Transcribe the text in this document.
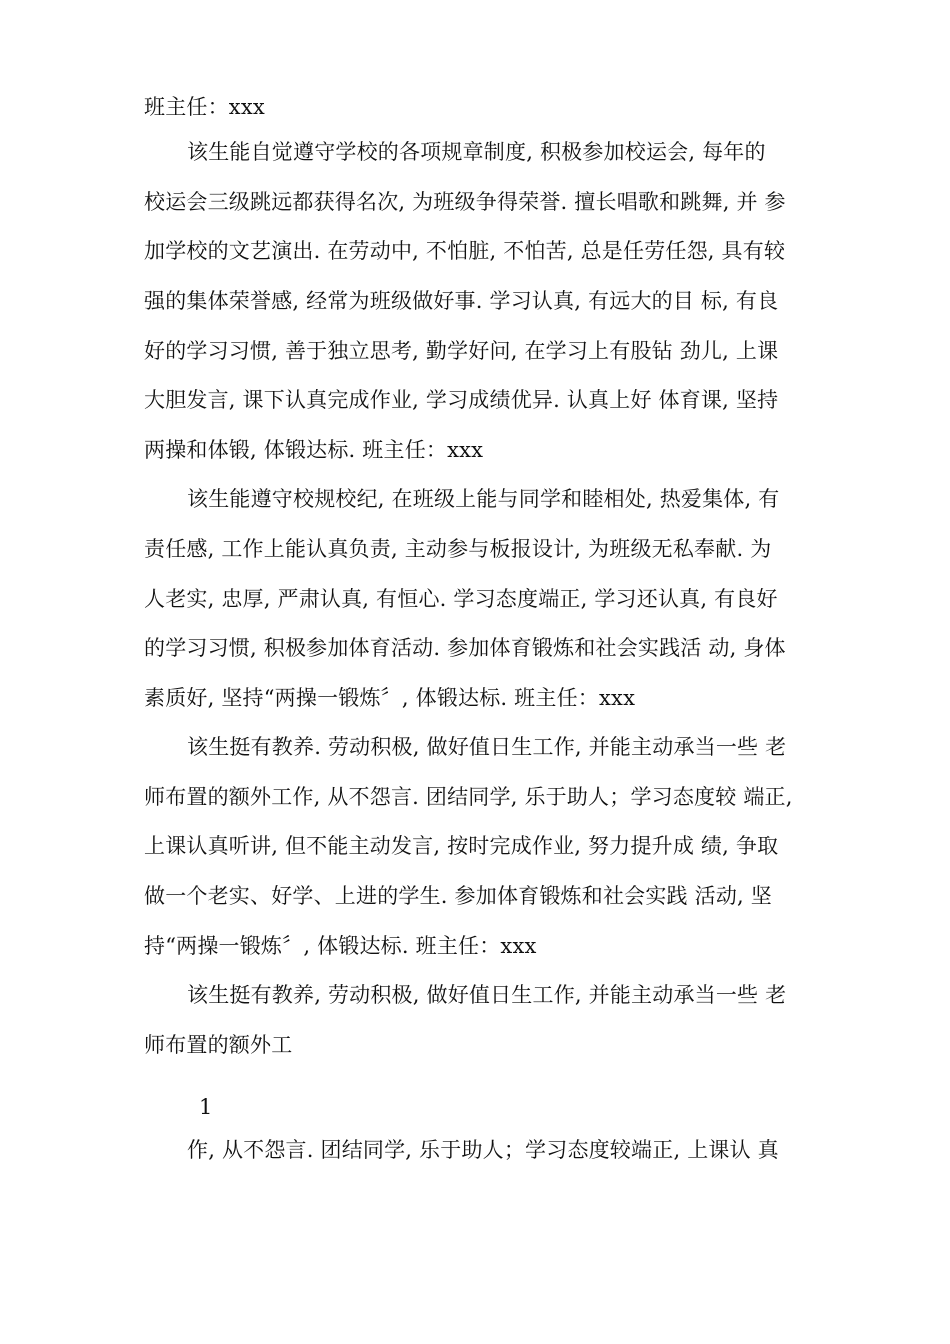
班主任：xxx
该生能自觉遵守学校的各项规章制度, 积极参加校运会, 每年的
校运会三级跳远都获得名次, 为班级争得荣誉. 擅长唱歌和跳舞, 并 参
加学校的文艺演出. 在劳动中, 不怕脏, 不怕苦, 总是任劳任怨, 具有较
强的集体荣誉感, 经常为班级做好事. 学习认真, 有远大的目 标, 有良
好的学习习惯, 善于独立思考, 勤学好问, 在学习上有股钻 劲儿, 上课
大胆发言, 课下认真完成作业, 学习成绩优异. 认真上好 体育课, 坚持
两操和体锻, 体锻达标. 班主任：xxx
该生能遵守校规校纪, 在班级上能与同学和睦相处, 热爱集体, 有
责任感, 工作上能认真负责, 主动参与板报设计, 为班级无私奉献. 为
人老实, 忠厚, 严肃认真, 有恒心. 学习态度端正, 学习还认真, 有良好
的学习习惯, 积极参加体育活动. 参加体育锻炼和社会实践活 动, 身体
素质好, 坚持“两操一锻炼〞, 体锻达标. 班主任：xxx
该生挺有教养. 劳动积极, 做好值日生工作, 并能主动承当一些 老
师布置的额外工作, 从不怨言. 团结同学, 乐于助人；学习态度较 端正,
上课认真听讲, 但不能主动发言, 按时完成作业, 努力提升成 绩, 争取
做一个老实、好学、上进的学生. 参加体育锻炼和社会实践 活动, 坚
持“两操一锻炼〞, 体锻达标. 班主任：xxx
该生挺有教养, 劳动积极, 做好值日生工作, 并能主动承当一些 老
师布置的额外工
1
作, 从不怨言. 团结同学, 乐于助人；学习态度较端正, 上课认 真
